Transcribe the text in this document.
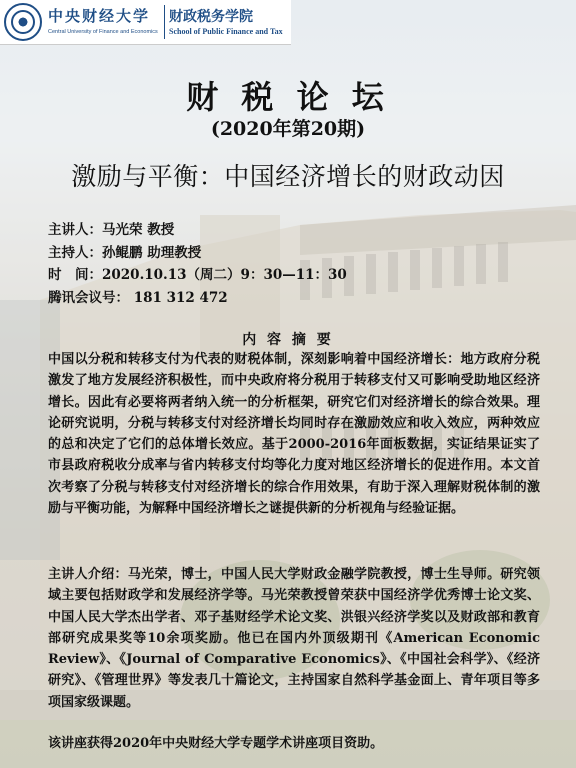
中央财经大学
Central University of Finance and Economics
财政税务学院
School of Public Finance and Tax
财 税 论 坛
(2020年第20期)
激励与平衡：中国经济增长的财政动因
主讲人：马光荣 教授
主持人：孙鲲鹏 助理教授
时　间：2020.10.13（周二）9：30—11：30
腾讯会议号： 181 312 472
内 容 摘 要
中国以分税和转移支付为代表的财税体制，深刻影响着中国经济增长：地方政府分税激发了地方发展经济积极性，而中央政府将分税用于转移支付又可影响受助地区经济增长。因此有必要将两者纳入统一的分析框架，研究它们对经济增长的综合效果。理论研究说明，分税与转移支付对经济增长均同时存在激励效应和收入效应，两种效应的总和决定了它们的总体增长效应。基于2000-2016年面板数据，实证结果证实了市县政府税收分成率与省内转移支付均等化力度对地区经济增长的促进作用。本文首次考察了分税与转移支付对经济增长的综合作用效果，有助于深入理解财税体制的激励与平衡功能，为解释中国经济增长之谜提供新的分析视角与经验证据。
主讲人介绍：马光荣，博士，中国人民大学财政金融学院教授，博士生导师。研究领域主要包括财政学和发展经济学等。马光荣教授曾荣获中国经济学优秀博士论文奖、中国人民大学杰出学者、邓子基财经学术论文奖、洪银兴经济学奖以及财政部和教育部研究成果奖等10余项奖励。他已在国内外顶级期刊《American Economic Review》、《Journal of Comparative Economics》、《中国社会科学》、《经济研究》、《管理世界》等发表几十篇论文，主持国家自然科学基金面上、青年项目等多项国家级课题。
该讲座获得2020年中央财经大学专题学术讲座项目资助。
